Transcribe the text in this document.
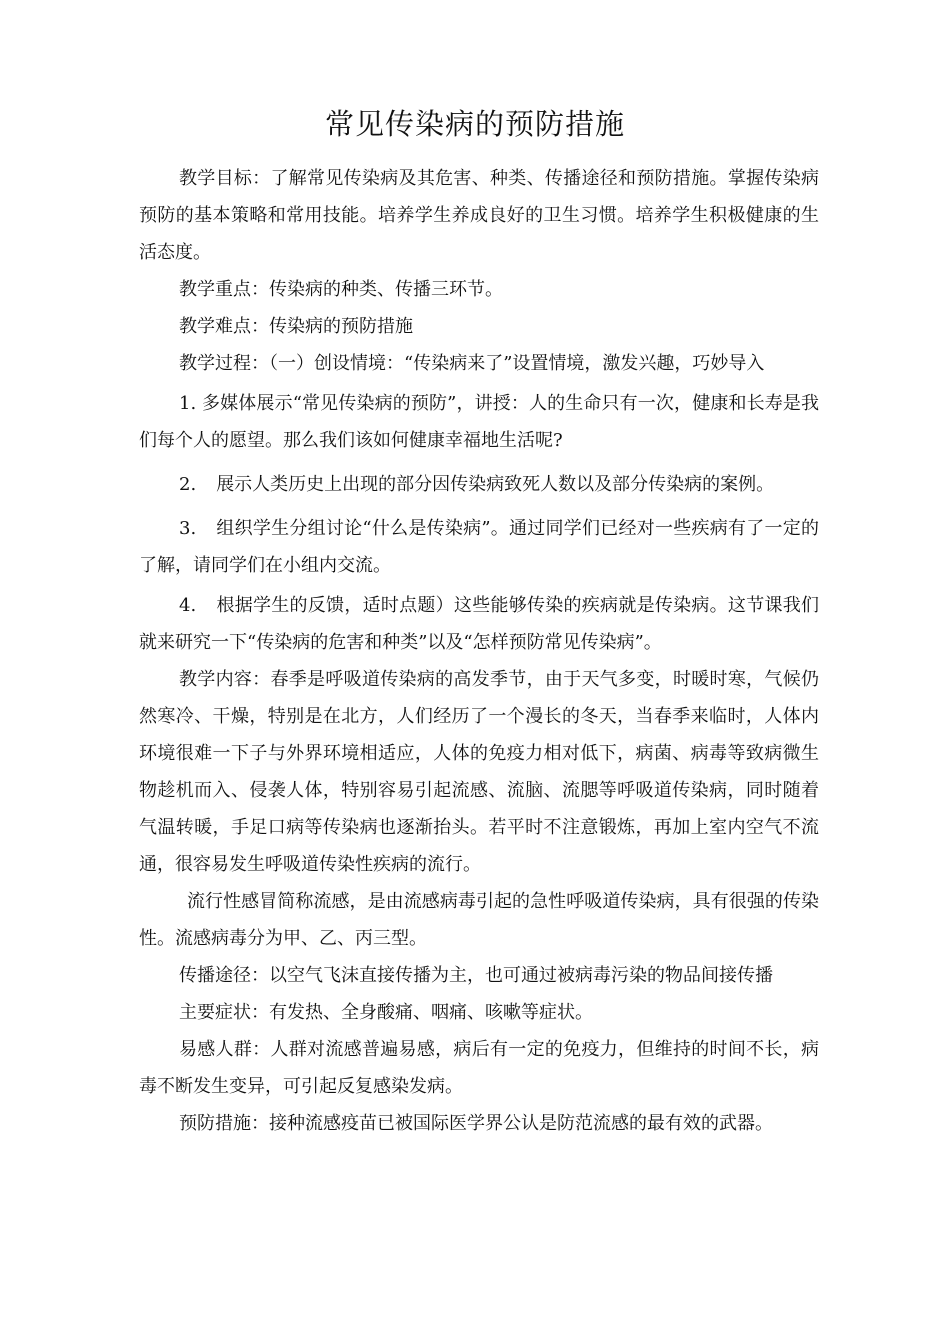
常见传染病的预防措施

教学目标：了解常见传染病及其危害、种类、传播途径和预防措施。掌握传染病预防的基本策略和常用技能。培养学生养成良好的卫生习惯。培养学生积极健康的生活态度。

教学重点：传染病的种类、传播三环节。

教学难点：传染病的预防措施

教学过程：（一）创设情境：“传染病来了”设置情境，激发兴趣，巧妙导入

1. 多媒体展示“常见传染病的预防”，讲授：人的生命只有一次，健康和长寿是我们每个人的愿望。那么我们该如何健康幸福地生活呢?

2. 展示人类历史上出现的部分因传染病致死人数以及部分传染病的案例。

3. 组织学生分组讨论“什么是传染病”。通过同学们已经对一些疾病有了一定的了解，请同学们在小组内交流。

4. 根据学生的反馈，适时点题）这些能够传染的疾病就是传染病。这节课我们就来研究一下“传染病的危害和种类”以及“怎样预防常见传染病”。

教学内容：春季是呼吸道传染病的高发季节，由于天气多变，时暖时寒，气候仍然寒冷、干燥，特别是在北方，人们经历了一个漫长的冬天，当春季来临时，人体内环境很难一下子与外界环境相适应，人体的免疫力相对低下，病菌、病毒等致病微生物趁机而入、侵袭人体，特别容易引起流感、流脑、流腮等呼吸道传染病，同时随着气温转暖，手足口病等传染病也逐渐抬头。若平时不注意锻炼，再加上室内空气不流通，很容易发生呼吸道传染性疾病的流行。

流行性感冒简称流感，是由流感病毒引起的急性呼吸道传染病，具有很强的传染性。流感病毒分为甲、乙、丙三型。

传播途径：以空气飞沫直接传播为主，也可通过被病毒污染的物品间接传播

主要症状：有发热、全身酸痛、咽痛、咳嗽等症状。

易感人群：人群对流感普遍易感，病后有一定的免疫力，但维持的时间不长，病毒不断发生变异，可引起反复感染发病。

预防措施：接种流感疫苗已被国际医学界公认是防范流感的最有效的武器。
